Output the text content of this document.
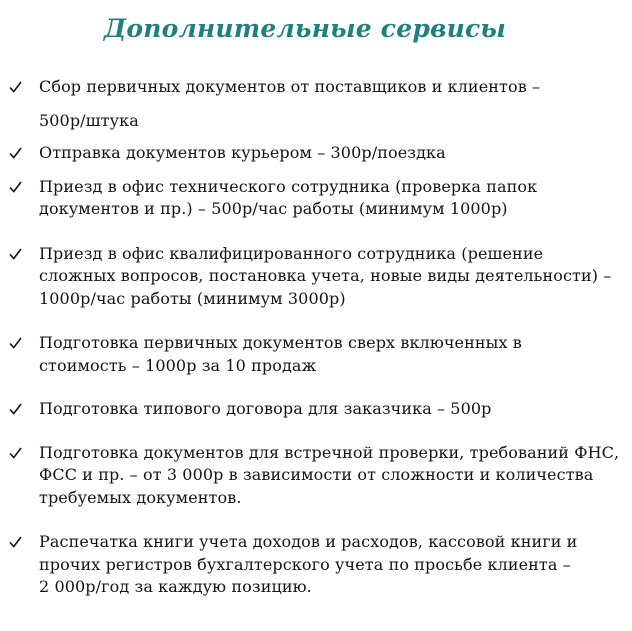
Дополнительные сервисы
Сбор первичных документов от поставщиков и клиентов –
500р/штука
Отправка документов курьером – 300р/поездка
Приезд в офис технического сотрудника (проверка папок
документов и пр.) – 500р/час работы (минимум 1000р)
Приезд в офис квалифицированного сотрудника (решение
сложных вопросов, постановка учета, новые виды деятельности) –
1000р/час работы (минимум 3000р)
Подготовка первичных документов сверх включенных в
стоимость – 1000р за 10 продаж
Подготовка типового договора для заказчика – 500р
Подготовка документов для встречной проверки, требований ФНС,
ФСС и пр. – от 3 000р в зависимости от сложности и количества
требуемых документов.
Распечатка книги учета доходов и расходов, кассовой книги и
прочих регистров бухгалтерского учета по просьбе клиента –
2 000р/год за каждую позицию.
